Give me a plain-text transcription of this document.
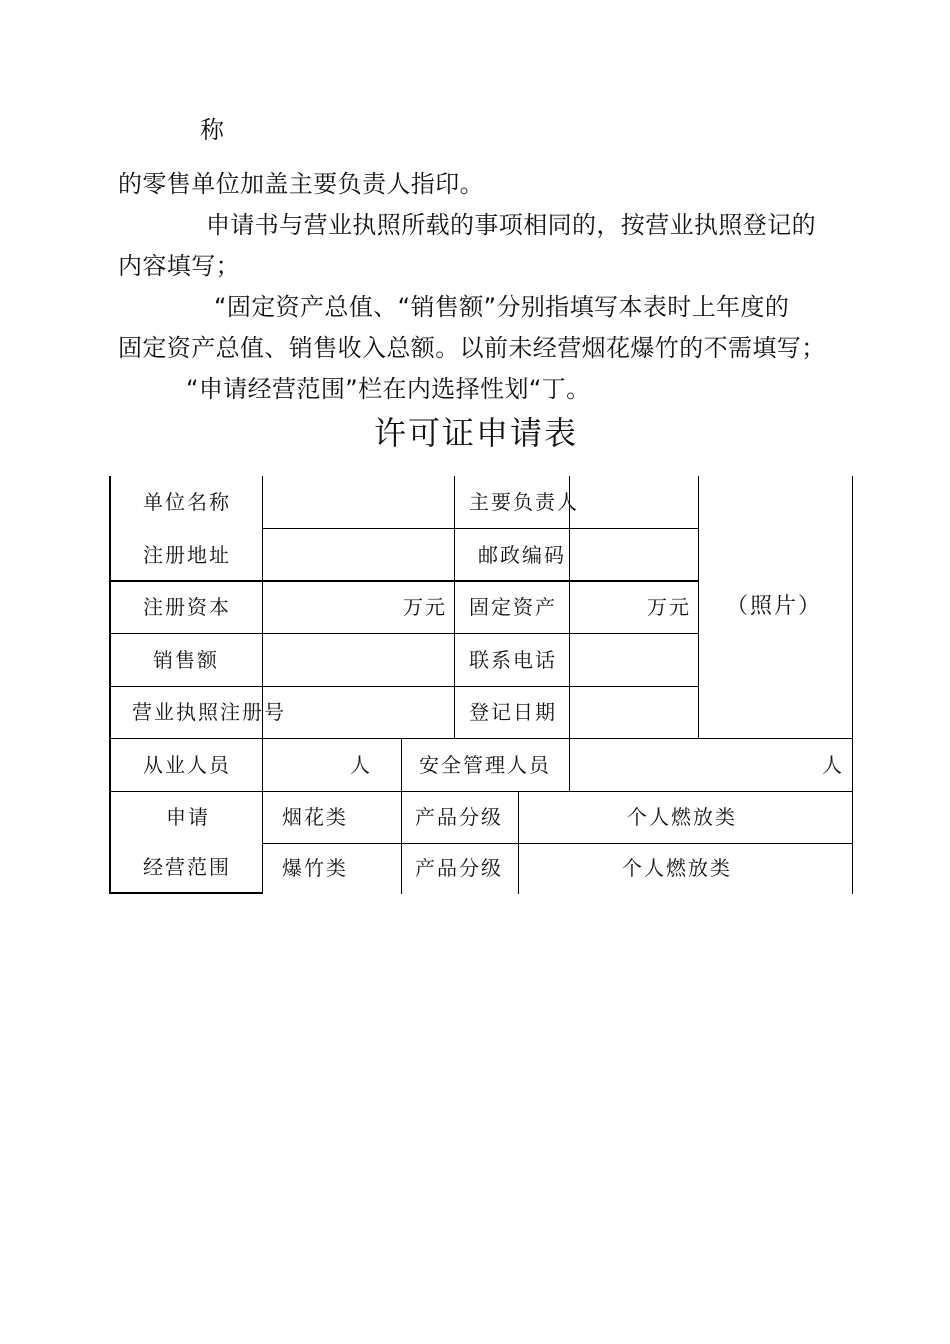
称
的零售单位加盖主要负责人指印。
申请书与营业执照所载的事项相同的，按营业执照登记的
内容填写；
“固定资产总值、“销售额”分别指填写本表时上年度的
固定资产总值、销售收入总额。以前未经营烟花爆竹的不需填写；
“申请经营范围”栏在内选择性划“丁。
许可证申请表
单位名称	主要负责人
注册地址	邮政编码
注册资本	万元 固定资产	万元 （照片）
销售额	联系电话
营业执照注册号	登记日期
从业人员	人 安全管理人员	人
申请
经营范围
烟花类	产品分级	个人燃放类
爆竹类	产品分级	个人燃放类
